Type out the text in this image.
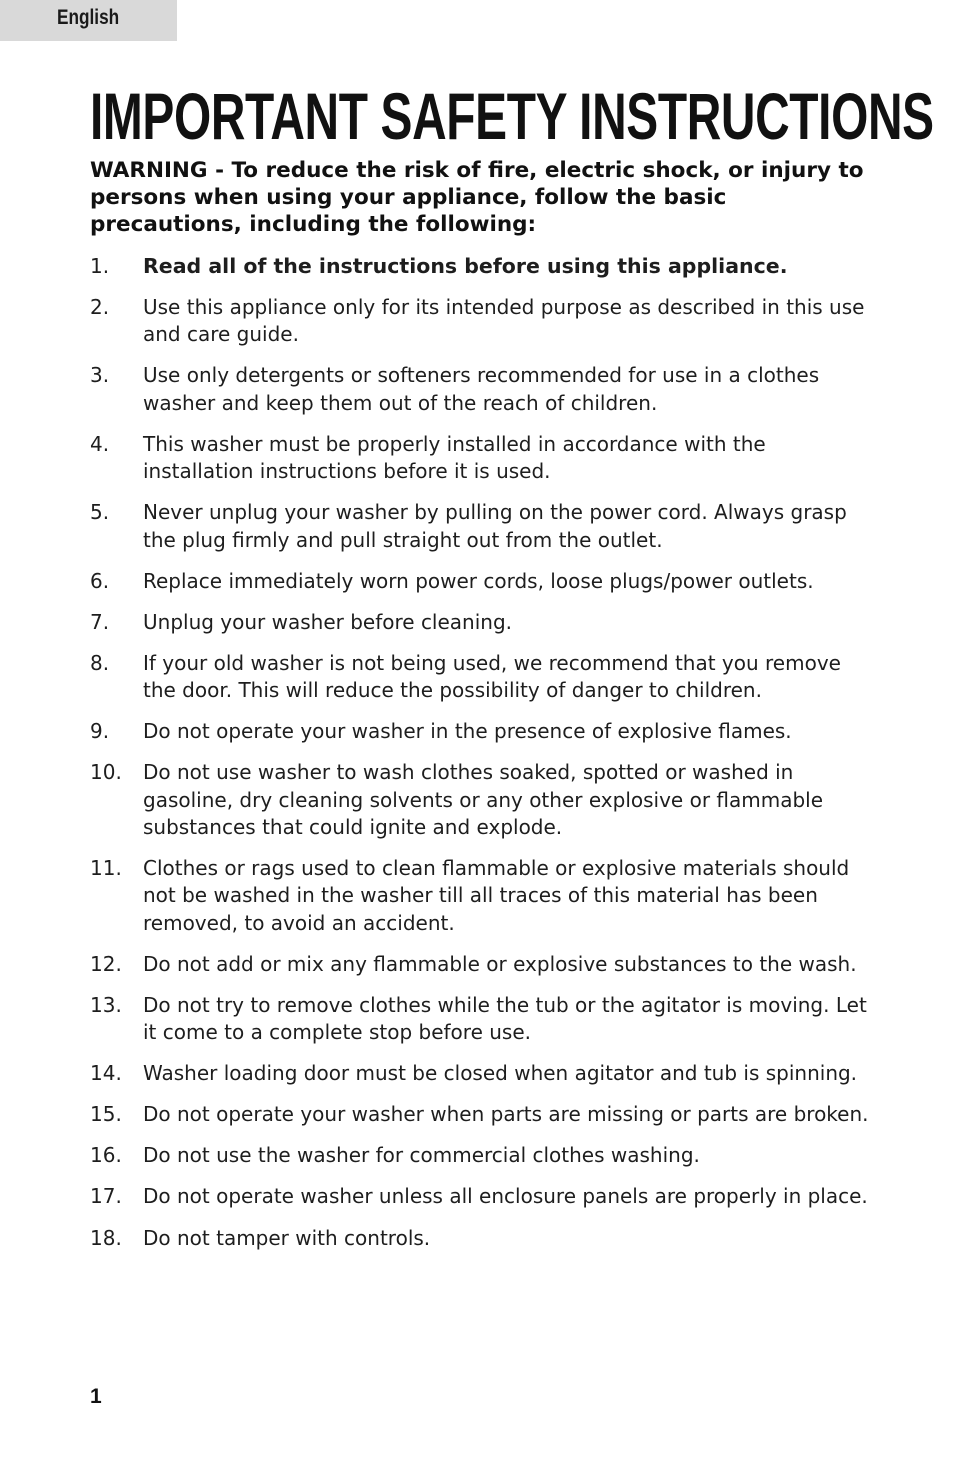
English
IMPORTANT SAFETY INSTRUCTIONS
WARNING - To reduce the risk of fire, electric shock, or injury to persons when using your appliance, follow the basic precautions, including the following:
1.	Read all of the instructions before using this appliance.
2.	Use this appliance only for its intended purpose as described in this use and care guide.
3.	Use only detergents or softeners recommended for use in a clothes washer and keep them out of the reach of children.
4.	This washer must be properly installed in accordance with the installation instructions before it is used.
5.	Never unplug your washer by pulling on the power cord. Always grasp the plug firmly and pull straight out from the outlet.
6.	Replace immediately worn power cords, loose plugs/power outlets.
7.	Unplug your washer before cleaning.
8.	If your old washer is not being used, we recommend that you remove the door. This will reduce the possibility of danger to children.
9.	Do not operate your washer in the presence of explosive flames.
10.	Do not use washer to wash clothes soaked, spotted or washed in gasoline, dry cleaning solvents or any other explosive or flammable substances that could ignite and explode.
11.	Clothes or rags used to clean flammable or explosive materials should not be washed in the washer till all traces of this material has been removed, to avoid an accident.
12.	Do not add or mix any flammable or explosive substances to the wash.
13.	Do not try to remove clothes while the tub or the agitator is moving. Let it come to a complete stop before use.
14.	Washer loading door must be closed when agitator and tub is spinning.
15.	Do not operate your washer when parts are missing or parts are broken.
16.	Do not use the washer for commercial clothes washing.
17.	Do not operate washer unless all enclosure panels are properly in place.
18.	Do not tamper with controls.
1
